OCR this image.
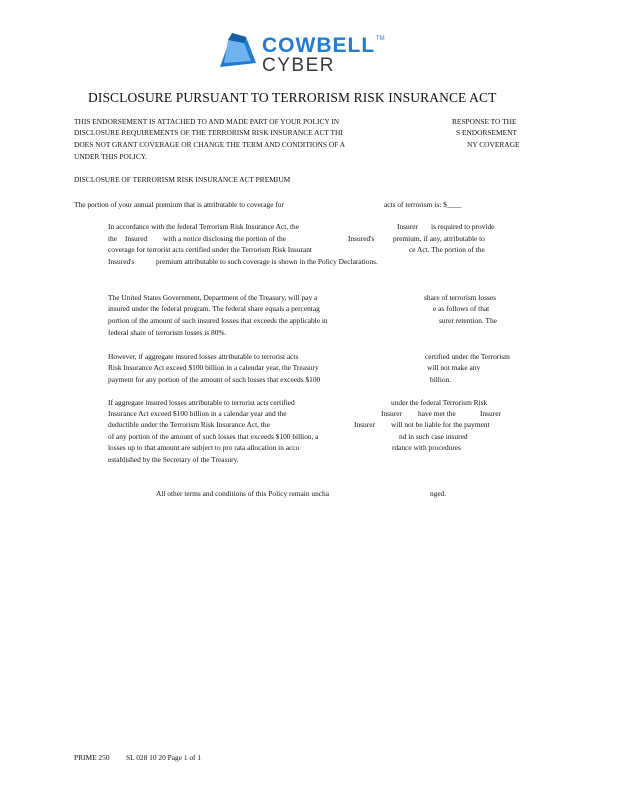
COWBELL TM
CYBER
DISCLOSURE PURSUANT TO TERRORISM RISK INSURANCE ACT
THIS ENDORSEMENT IS ATTACHED TO AND MADE PART OF YOUR POLICY IN	RESPONSE TO THE
DISCLOSURE REQUIREMENTS OF THE TERRORISM RISK INSURANCE ACT THI	S ENDORSEMENT
DOES NOT GRANT COVERAGE OR CHANGE THE TERM AND CONDITIONS OF A	NY COVERAGE
UNDER THIS POLICY.
DISCLOSURE OF TERRORISM RISK INSURANCE ACT PREMIUM
The portion of your annual premium that is attributable to coverage for	acts of terrorism is: $____
In accordance with the federal Terrorism Risk Insurance Act, the	Insurer is required to provide
the Insured with a notice disclosing the portion of the	Insured's	premium, if any, attributable to
coverage for terrorist acts certified under the Terrorism Risk Insurant	ce Act. The portion of the
Insured's	premium attributable to such coverage is shown in the Policy Declarations.
The United States Government, Department of the Treasury, will pay a	share of terrorism losses
insured under the federal program. The federal share equals a percentag	e as follows of that
portion of the amount of such insured losses that exceeds the applicable in	surer retention. The
federal share of terrorism losses is 80%.
However, if aggregate insured losses attributable to terrorist acts	certified under the Terrorism
Risk Insurance Act exceed $100 billion in a calendar year, the Treasury	will not make any
payment for any portion of the amount of such losses that exceeds $100	billion.
If aggregate insured losses attributable to terrorist acts certified	under the federal Terrorism Risk
Insurance Act exceed $100 billion in a calendar year and the	Insurer have met the	Insurer
deductible under the Terrorism Risk Insurance Act, the	Insurer will not be liable for the payment
of any portion of the amount of such losses that exceeds $100 billion, a	nd in such case insured
losses up to that amount are subject to pro rata allocation in acco	rdance with procedures
established by the Secretary of the Treasury.
All other terms and conditions of this Policy remain uncha	nged.
PRIME 250 SL 028 10 20 Page 1 of 1
